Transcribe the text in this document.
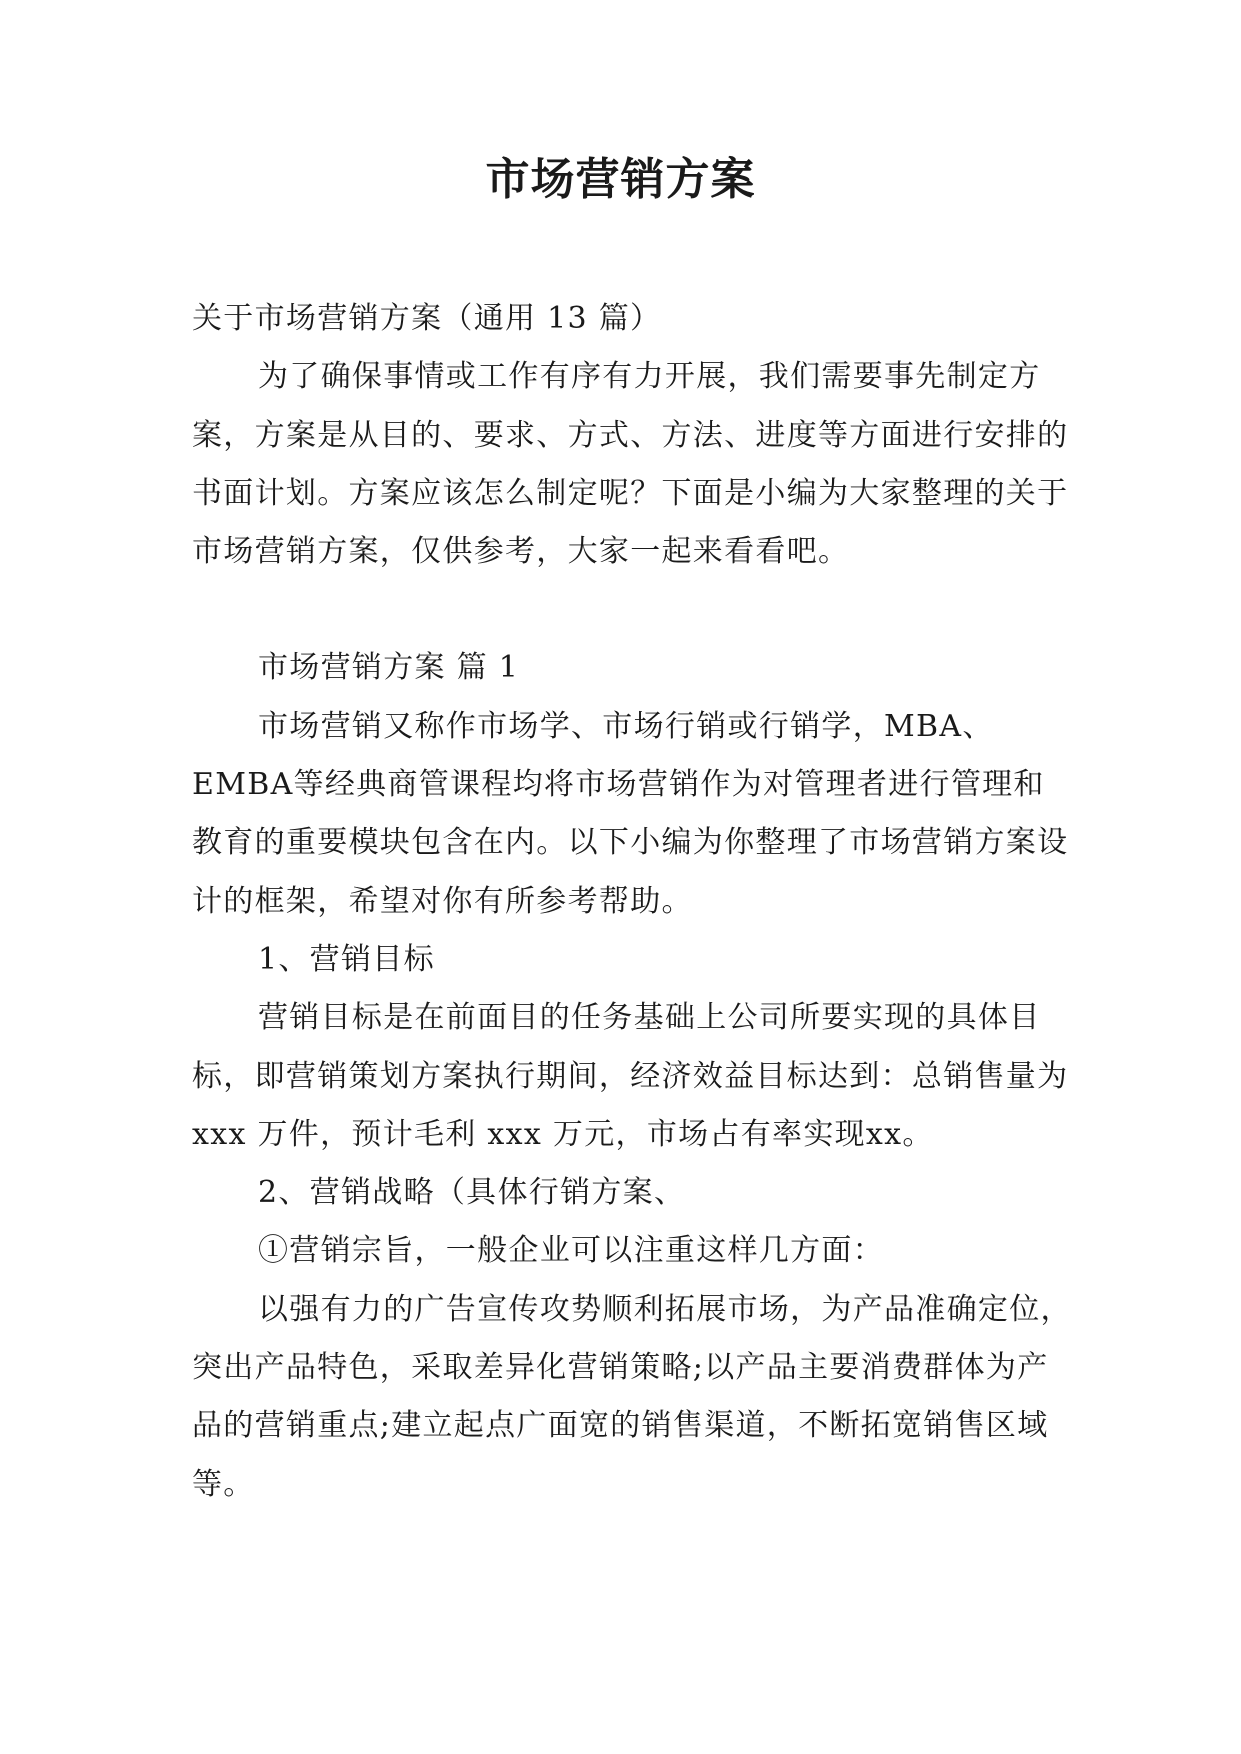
市场营销方案

关于市场营销方案（通用 13 篇）

为了确保事情或工作有序有力开展，我们需要事先制定方案，方案是从目的、要求、方式、方法、进度等方面进行安排的书面计划。方案应该怎么制定呢？下面是小编为大家整理的关于市场营销方案，仅供参考，大家一起来看看吧。

市场营销方案 篇 1

市场营销又称作市场学、市场行销或行销学，MBA、EMBA等经典商管课程均将市场营销作为对管理者进行管理和教育的重要模块包含在内。以下小编为你整理了市场营销方案设计的框架，希望对你有所参考帮助。

1、营销目标

营销目标是在前面目的任务基础上公司所要实现的具体目标，即营销策划方案执行期间，经济效益目标达到：总销售量为 xxx 万件，预计毛利 xxx 万元，市场占有率实现xx。

2、营销战略（具体行销方案、

①营销宗旨，一般企业可以注重这样几方面：

以强有力的广告宣传攻势顺利拓展市场，为产品准确定位，突出产品特色，采取差异化营销策略;以产品主要消费群体为产品的营销重点;建立起点广面宽的销售渠道，不断拓宽销售区域等。
